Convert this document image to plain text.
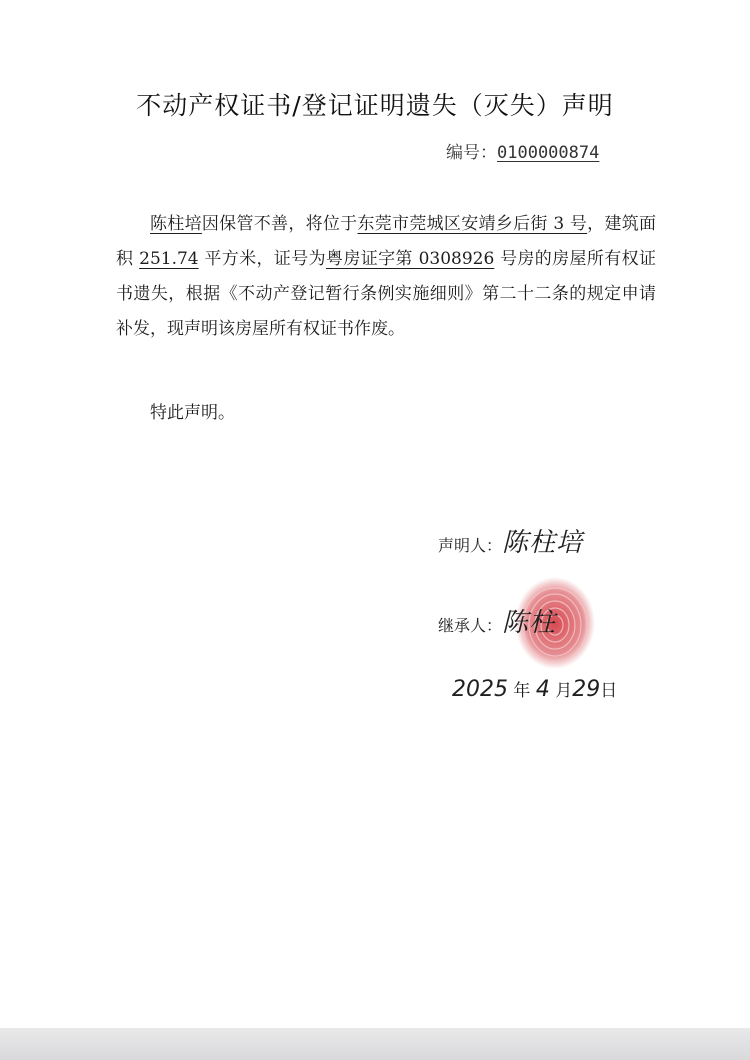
不动产权证书/登记证明遗失（灭失）声明
编号：0100000874

陈柱培因保管不善，将位于东莞市莞城区安靖乡后街 3 号，建筑面积 251.74 平方米，证号为粤房证字第 0308926 号房的房屋所有权证书遗失，根据《不动产登记暂行条例实施细则》第二十二条的规定申请补发，现声明该房屋所有权证书作废。

特此声明。
声明人：陈柱培
继承人：陈柱
2025 年 4 月29日
